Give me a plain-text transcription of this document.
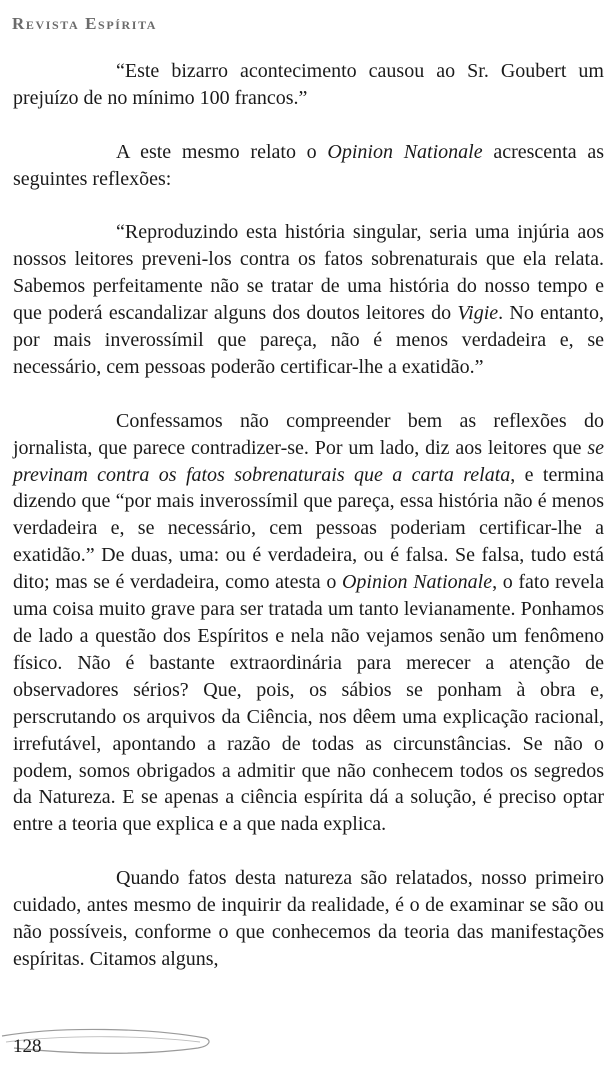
Revista Espírita

“Este bizarro acontecimento causou ao Sr. Goubert um prejuízo de no mínimo 100 francos.”

A este mesmo relato o Opinion Nationale acrescenta as seguintes reflexões:

“Reproduzindo esta história singular, seria uma injúria aos nossos leitores preveni-los contra os fatos sobrenaturais que ela relata. Sabemos perfeitamente não se tratar de uma história do nosso tempo e que poderá escandalizar alguns dos doutos leitores do Vigie. No entanto, por mais inverossímil que pareça, não é menos verdadeira e, se necessário, cem pessoas poderão certificar-lhe a exatidão.”

Confessamos não compreender bem as reflexões do jornalista, que parece contradizer-se. Por um lado, diz aos leitores que se previnam contra os fatos sobrenaturais que a carta relata, e termina dizendo que “por mais inverossímil que pareça, essa história não é menos verdadeira e, se necessário, cem pessoas poderiam certificar-lhe a exatidão.” De duas, uma: ou é verdadeira, ou é falsa. Se falsa, tudo está dito; mas se é verdadeira, como atesta o Opinion Nationale, o fato revela uma coisa muito grave para ser tratada um tanto levianamente. Ponhamos de lado a questão dos Espíritos e nela não vejamos senão um fenômeno físico. Não é bastante extraordinária para merecer a atenção de observadores sérios? Que, pois, os sábios se ponham à obra e, perscrutando os arquivos da Ciência, nos dêem uma explicação racional, irrefutável, apontando a razão de todas as circunstâncias. Se não o podem, somos obrigados a admitir que não conhecem todos os segredos da Natureza. E se apenas a ciência espírita dá a solução, é preciso optar entre a teoria que explica e a que nada explica.

Quando fatos desta natureza são relatados, nosso primeiro cuidado, antes mesmo de inquirir da realidade, é o de examinar se são ou não possíveis, conforme o que conhecemos da teoria das manifestações espíritas. Citamos alguns,

128
